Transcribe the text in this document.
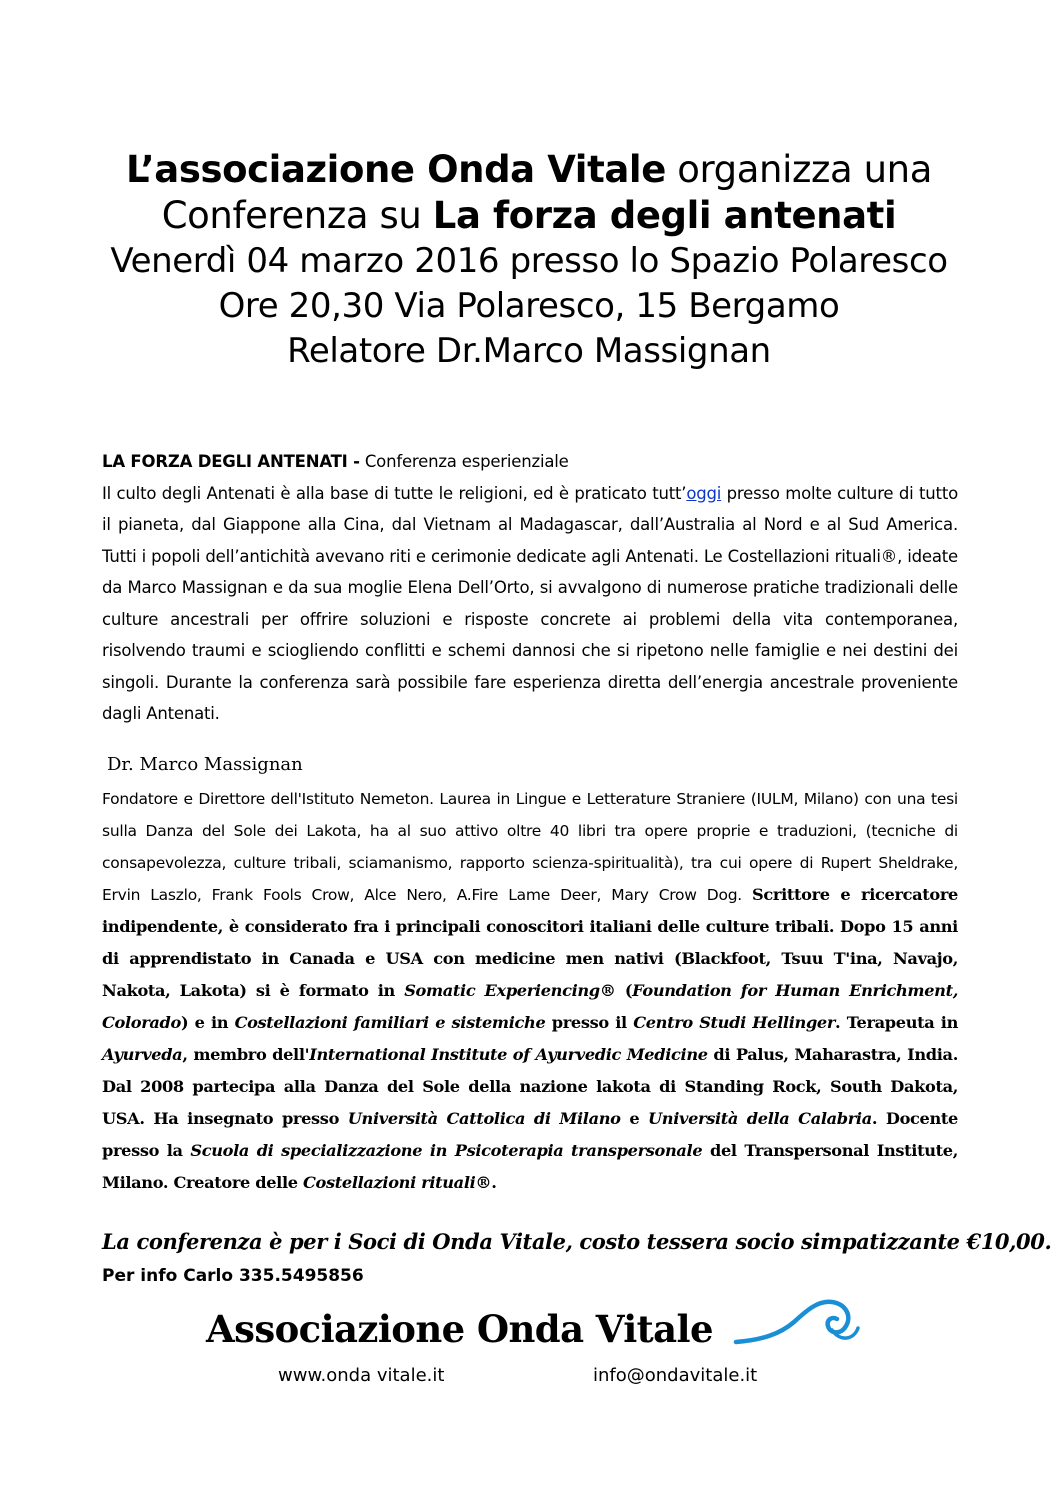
L’associazione Onda Vitale organizza una
Conferenza su La forza degli antenati
Venerdì 04 marzo 2016 presso lo Spazio Polaresco
Ore 20,30 Via Polaresco, 15 Bergamo
Relatore Dr.Marco Massignan
LA FORZA DEGLI ANTENATI - Conferenza esperienziale
Il culto degli Antenati è alla base di tutte le religioni, ed è praticato tutt’oggi presso molte culture di tutto il pianeta, dal Giappone alla Cina, dal Vietnam al Madagascar, dall’Australia al Nord e al Sud America. Tutti i popoli dell’antichità avevano riti e cerimonie dedicate agli Antenati. Le Costellazioni rituali®, ideate da Marco Massignan e da sua moglie Elena Dell’Orto, si avvalgono di numerose pratiche tradizionali delle culture ancestrali per offrire soluzioni e risposte concrete ai problemi della vita contemporanea, risolvendo traumi e sciogliendo conflitti e schemi dannosi che si ripetono nelle famiglie e nei destini dei singoli. Durante la conferenza sarà possibile fare esperienza diretta dell’energia ancestrale proveniente dagli Antenati.
Dr. Marco Massignan
Fondatore e Direttore dell'Istituto Nemeton. Laurea in Lingue e Letterature Straniere (IULM, Milano) con una tesi sulla Danza del Sole dei Lakota, ha al suo attivo oltre 40 libri tra opere proprie e traduzioni, (tecniche di consapevolezza, culture tribali, sciamanismo, rapporto scienza-spiritualità), tra cui opere di Rupert Sheldrake, Ervin Laszlo, Frank Fools Crow, Alce Nero, A.Fire Lame Deer, Mary Crow Dog. Scrittore e ricercatore indipendente, è considerato fra i principali conoscitori italiani delle culture tribali. Dopo 15 anni di apprendistato in Canada e USA con medicine men nativi (Blackfoot, Tsuu T'ina, Navajo, Nakota, Lakota) si è formato in Somatic Experiencing® (Foundation for Human Enrichment, Colorado) e in Costellazioni familiari e sistemiche presso il Centro Studi Hellinger. Terapeuta in Ayurveda, membro dell'International Institute of Ayurvedic Medicine di Palus, Maharastra, India. Dal 2008 partecipa alla Danza del Sole della nazione lakota di Standing Rock, South Dakota, USA. Ha insegnato presso Università Cattolica di Milano e Università della Calabria. Docente presso la Scuola di specializzazione in Psicoterapia transpersonale del Transpersonal Institute, Milano. Creatore delle Costellazioni rituali®.
La conferenza è per i Soci di Onda Vitale, costo tessera socio simpatizzante €10,00.
Per info Carlo 335.5495856
Associazione Onda Vitale
www.onda vitale.it	info@ondavitale.it
